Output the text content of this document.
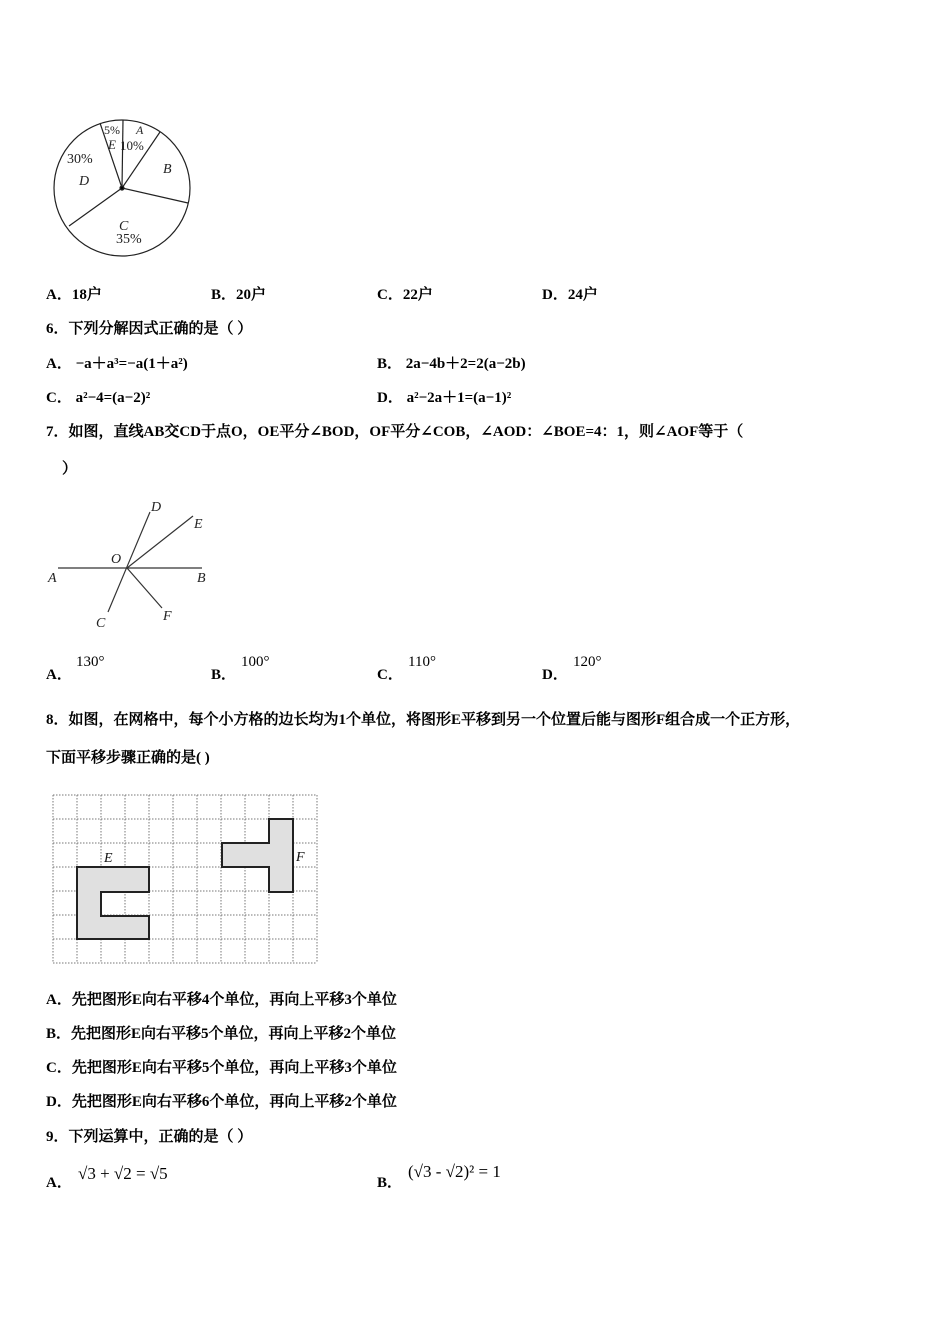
5% A
E 10%
B
30%
D
C
35%
D
E
O
A	B
C	F
E	F
A．18户	B．20户	C．22户	D．24户
6．下列分解因式正确的是（ ）
A． −a＋a³=−a(1＋a²)	B． 2a−4b＋2=2(a−2b)
C． a²−4=(a−2)²	D． a²−2a＋1=(a−1)²
7．如图，直线AB交CD于点O，OE平分∠BOD，OF平分∠COB，∠AOD：∠BOE=4：1，则∠AOF等于（
）
A．
130°
B．
100°
C．
110°
D．
120°
8．如图，在网格中，每个小方格的边长均为1个单位，将图形E平移到另一个位置后能与图形F组合成一个正方形，
下面平移步骤正确的是( )
A．先把图形E向右平移4个单位，再向上平移3个单位
B．先把图形E向右平移5个单位，再向上平移2个单位
C．先把图形E向右平移5个单位，再向上平移3个单位
D．先把图形E向右平移6个单位，再向上平移2个单位
9．下列运算中，正确的是（ ）
A． √3 + √2 = √5	B．
(√3 - √2)² = 1
